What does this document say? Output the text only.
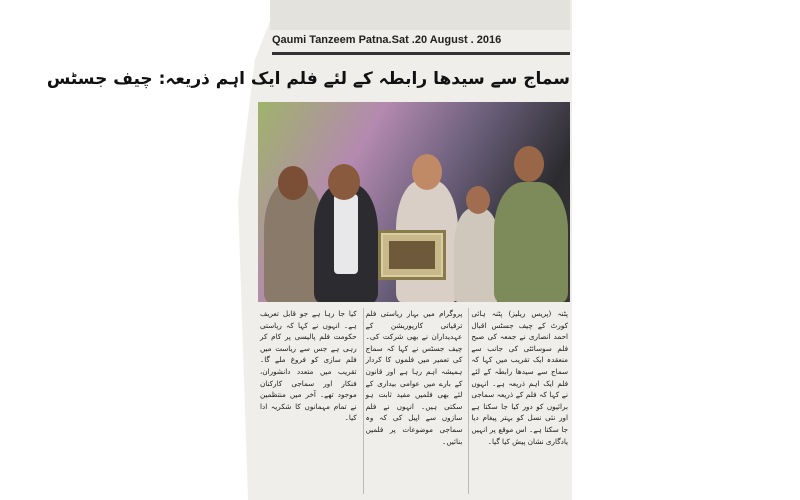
Qaumi Tanzeem Patna.Sat .20 August . 2016
سماج سے سیدھا رابطہ کے لئے فلم ایک اہم ذریعہ: چیف جسٹس
کیا جا رہا ہے جو قابل تعریف ہے۔ انہوں نے کہا کہ ریاستی حکومت فلم پالیسی پر کام کر رہی ہے جس سے ریاست میں فلم سازی کو فروغ ملے گا۔ تقریب میں متعدد دانشوران، فنکار اور سماجی کارکنان موجود تھے۔ آخر میں منتظمین نے تمام مہمانوں کا شکریہ ادا کیا۔
پروگرام میں بہار ریاستی فلم ترقیاتی کارپوریشن کے عہدیداران نے بھی شرکت کی۔ چیف جسٹس نے کہا کہ سماج کی تعمیر میں فلموں کا کردار ہمیشہ اہم رہا ہے اور قانون کے بارے میں عوامی بیداری کے لئے بھی فلمیں مفید ثابت ہو سکتی ہیں۔ انہوں نے فلم سازوں سے اپیل کی کہ وہ سماجی موضوعات پر فلمیں بنائیں۔
پٹنہ (پریس ریلیز) پٹنہ ہائی کورٹ کے چیف جسٹس اقبال احمد انصاری نے جمعہ کی صبح فلم سوسائٹی کی جانب سے منعقدہ ایک تقریب میں کہا کہ سماج سے سیدھا رابطہ کے لئے فلم ایک اہم ذریعہ ہے۔ انہوں نے کہا کہ فلم کے ذریعہ سماجی برائیوں کو دور کیا جا سکتا ہے اور نئی نسل کو بہتر پیغام دیا جا سکتا ہے۔ اس موقع پر انہیں یادگاری نشان پیش کیا گیا۔
